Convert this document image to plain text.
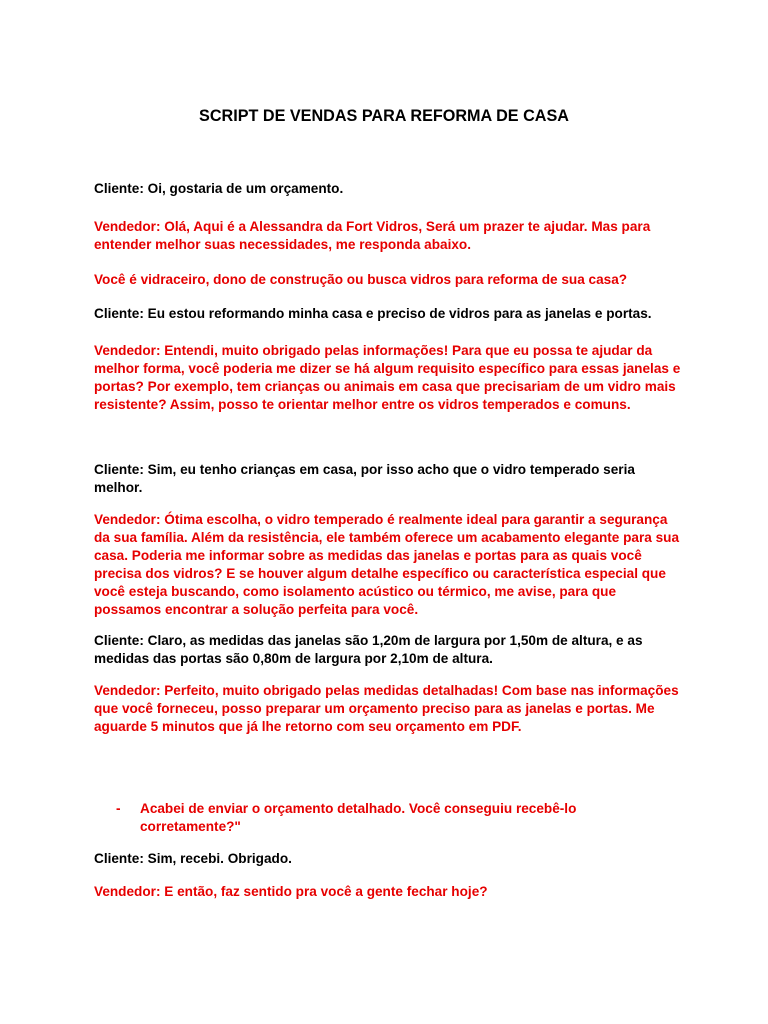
SCRIPT DE VENDAS PARA REFORMA DE CASA

Cliente: Oi, gostaria de um orçamento.

Vendedor: Olá, Aqui é a Alessandra da Fort Vidros, Será um prazer te ajudar. Mas para entender melhor suas necessidades, me responda abaixo.

Você é vidraceiro, dono de construção ou busca vidros para reforma de sua casa?

Cliente: Eu estou reformando minha casa e preciso de vidros para as janelas e portas.

Vendedor: Entendi, muito obrigado pelas informações! Para que eu possa te ajudar da melhor forma, você poderia me dizer se há algum requisito específico para essas janelas e portas? Por exemplo, tem crianças ou animais em casa que precisariam de um vidro mais resistente? Assim, posso te orientar melhor entre os vidros temperados e comuns.

Cliente: Sim, eu tenho crianças em casa, por isso acho que o vidro temperado seria melhor.

Vendedor: Ótima escolha, o vidro temperado é realmente ideal para garantir a segurança da sua família. Além da resistência, ele também oferece um acabamento elegante para sua casa. Poderia me informar sobre as medidas das janelas e portas para as quais você precisa dos vidros? E se houver algum detalhe específico ou característica especial que você esteja buscando, como isolamento acústico ou térmico, me avise, para que possamos encontrar a solução perfeita para você.

Cliente: Claro, as medidas das janelas são 1,20m de largura por 1,50m de altura, e as medidas das portas são 0,80m de largura por 2,10m de altura.

Vendedor: Perfeito, muito obrigado pelas medidas detalhadas! Com base nas informações que você forneceu, posso preparar um orçamento preciso para as janelas e portas. Me aguarde 5 minutos que já lhe retorno com seu orçamento em PDF.

- Acabei de enviar o orçamento detalhado. Você conseguiu recebê-lo corretamente?"

Cliente: Sim, recebi. Obrigado.

Vendedor: E então, faz sentido pra você a gente fechar hoje?
